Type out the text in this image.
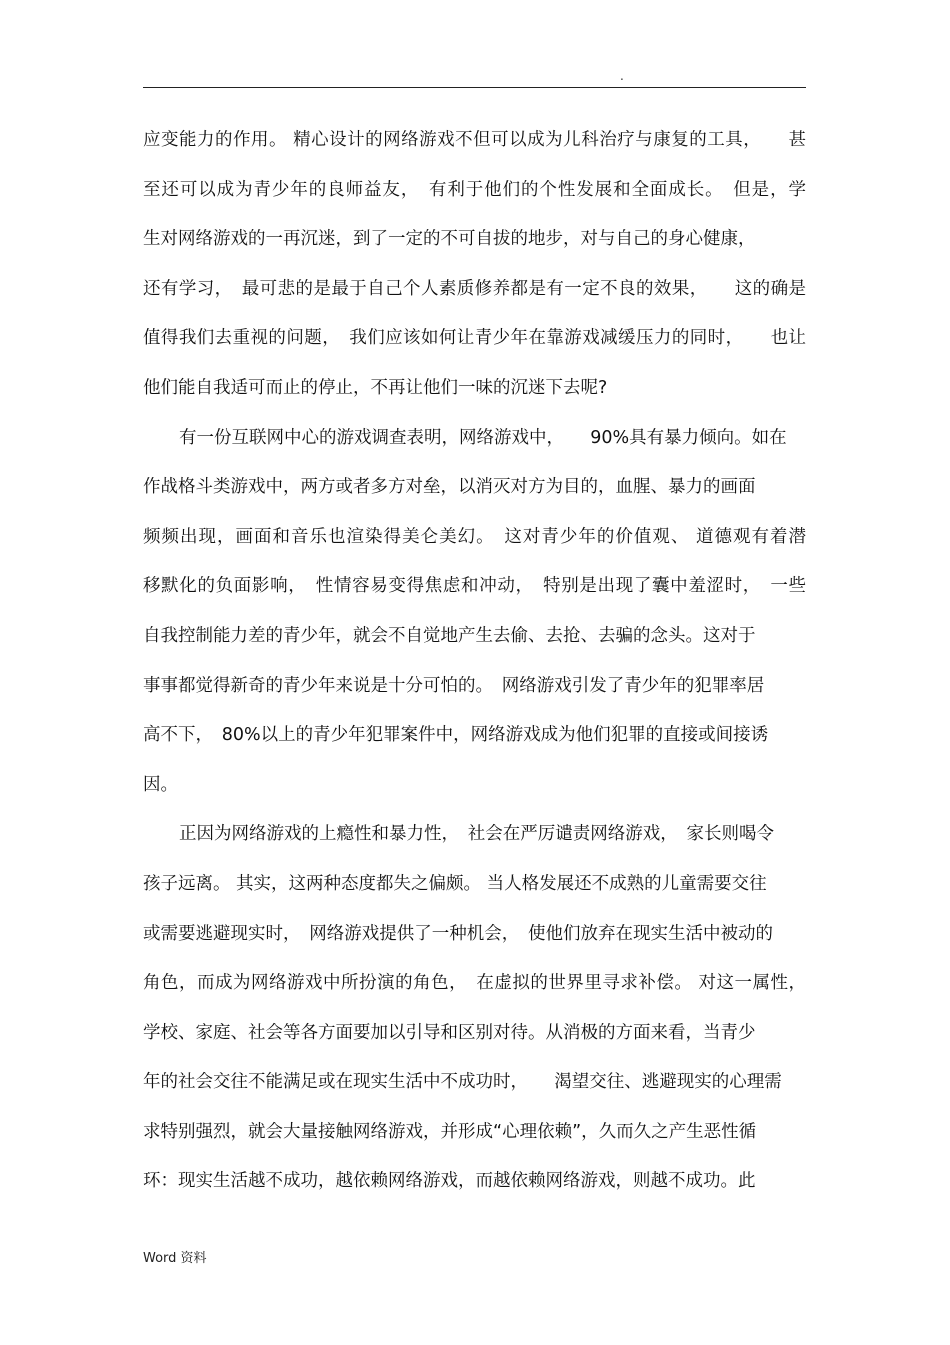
.
应变能力的作用。 精心设计的网络游戏不但可以成为儿科治疗与康复的工具，　　甚
至还可以成为青少年的良师益友，　有利于他们的个性发展和全面成长。　但是，学
生对网络游戏的一再沉迷，到了一定的不可自拔的地步，对与自己的身心健康，
还有学习，　最可悲的是最于自己个人素质修养都是有一定不良的效果，　　这的确是
值得我们去重视的问题，　我们应该如何让青少年在靠游戏减缓压力的同时，　　也让
他们能自我适可而止的停止，不再让他们一味的沉迷下去呢?
有一份互联网中心的游戏调查表明，网络游戏中，　　90%具有暴力倾向。如在
作战格斗类游戏中，两方或者多方对垒，以消灭对方为目的，血腥、暴力的画面
频频出现，画面和音乐也渲染得美仑美幻。　这对青少年的价值观、 道德观有着潜
移默化的负面影响，　性情容易变得焦虑和冲动，　特别是出现了囊中羞涩时，　一些
自我控制能力差的青少年，就会不自觉地产生去偷、去抢、去骗的念头。这对于
事事都觉得新奇的青少年来说是十分可怕的。　网络游戏引发了青少年的犯罪率居
高不下，　80%以上的青少年犯罪案件中，网络游戏成为他们犯罪的直接或间接诱
因。
正因为网络游戏的上瘾性和暴力性，　社会在严厉谴责网络游戏，　家长则喝令
孩子远离。 其实，这两种态度都失之偏颇。 当人格发展还不成熟的儿童需要交往
或需要逃避现实时，　网络游戏提供了一种机会，　使他们放弃在现实生活中被动的
角色，而成为网络游戏中所扮演的角色，　在虚拟的世界里寻求补偿。 对这一属性，
学校、家庭、社会等各方面要加以引导和区别对待。从消极的方面来看，当青少
年的社会交往不能满足或在现实生活中不成功时，　　渴望交往、逃避现实的心理需
求特别强烈，就会大量接触网络游戏，并形成“心理依赖”，久而久之产生恶性循
环：现实生活越不成功，越依赖网络游戏，而越依赖网络游戏，则越不成功。此
Word 资料
